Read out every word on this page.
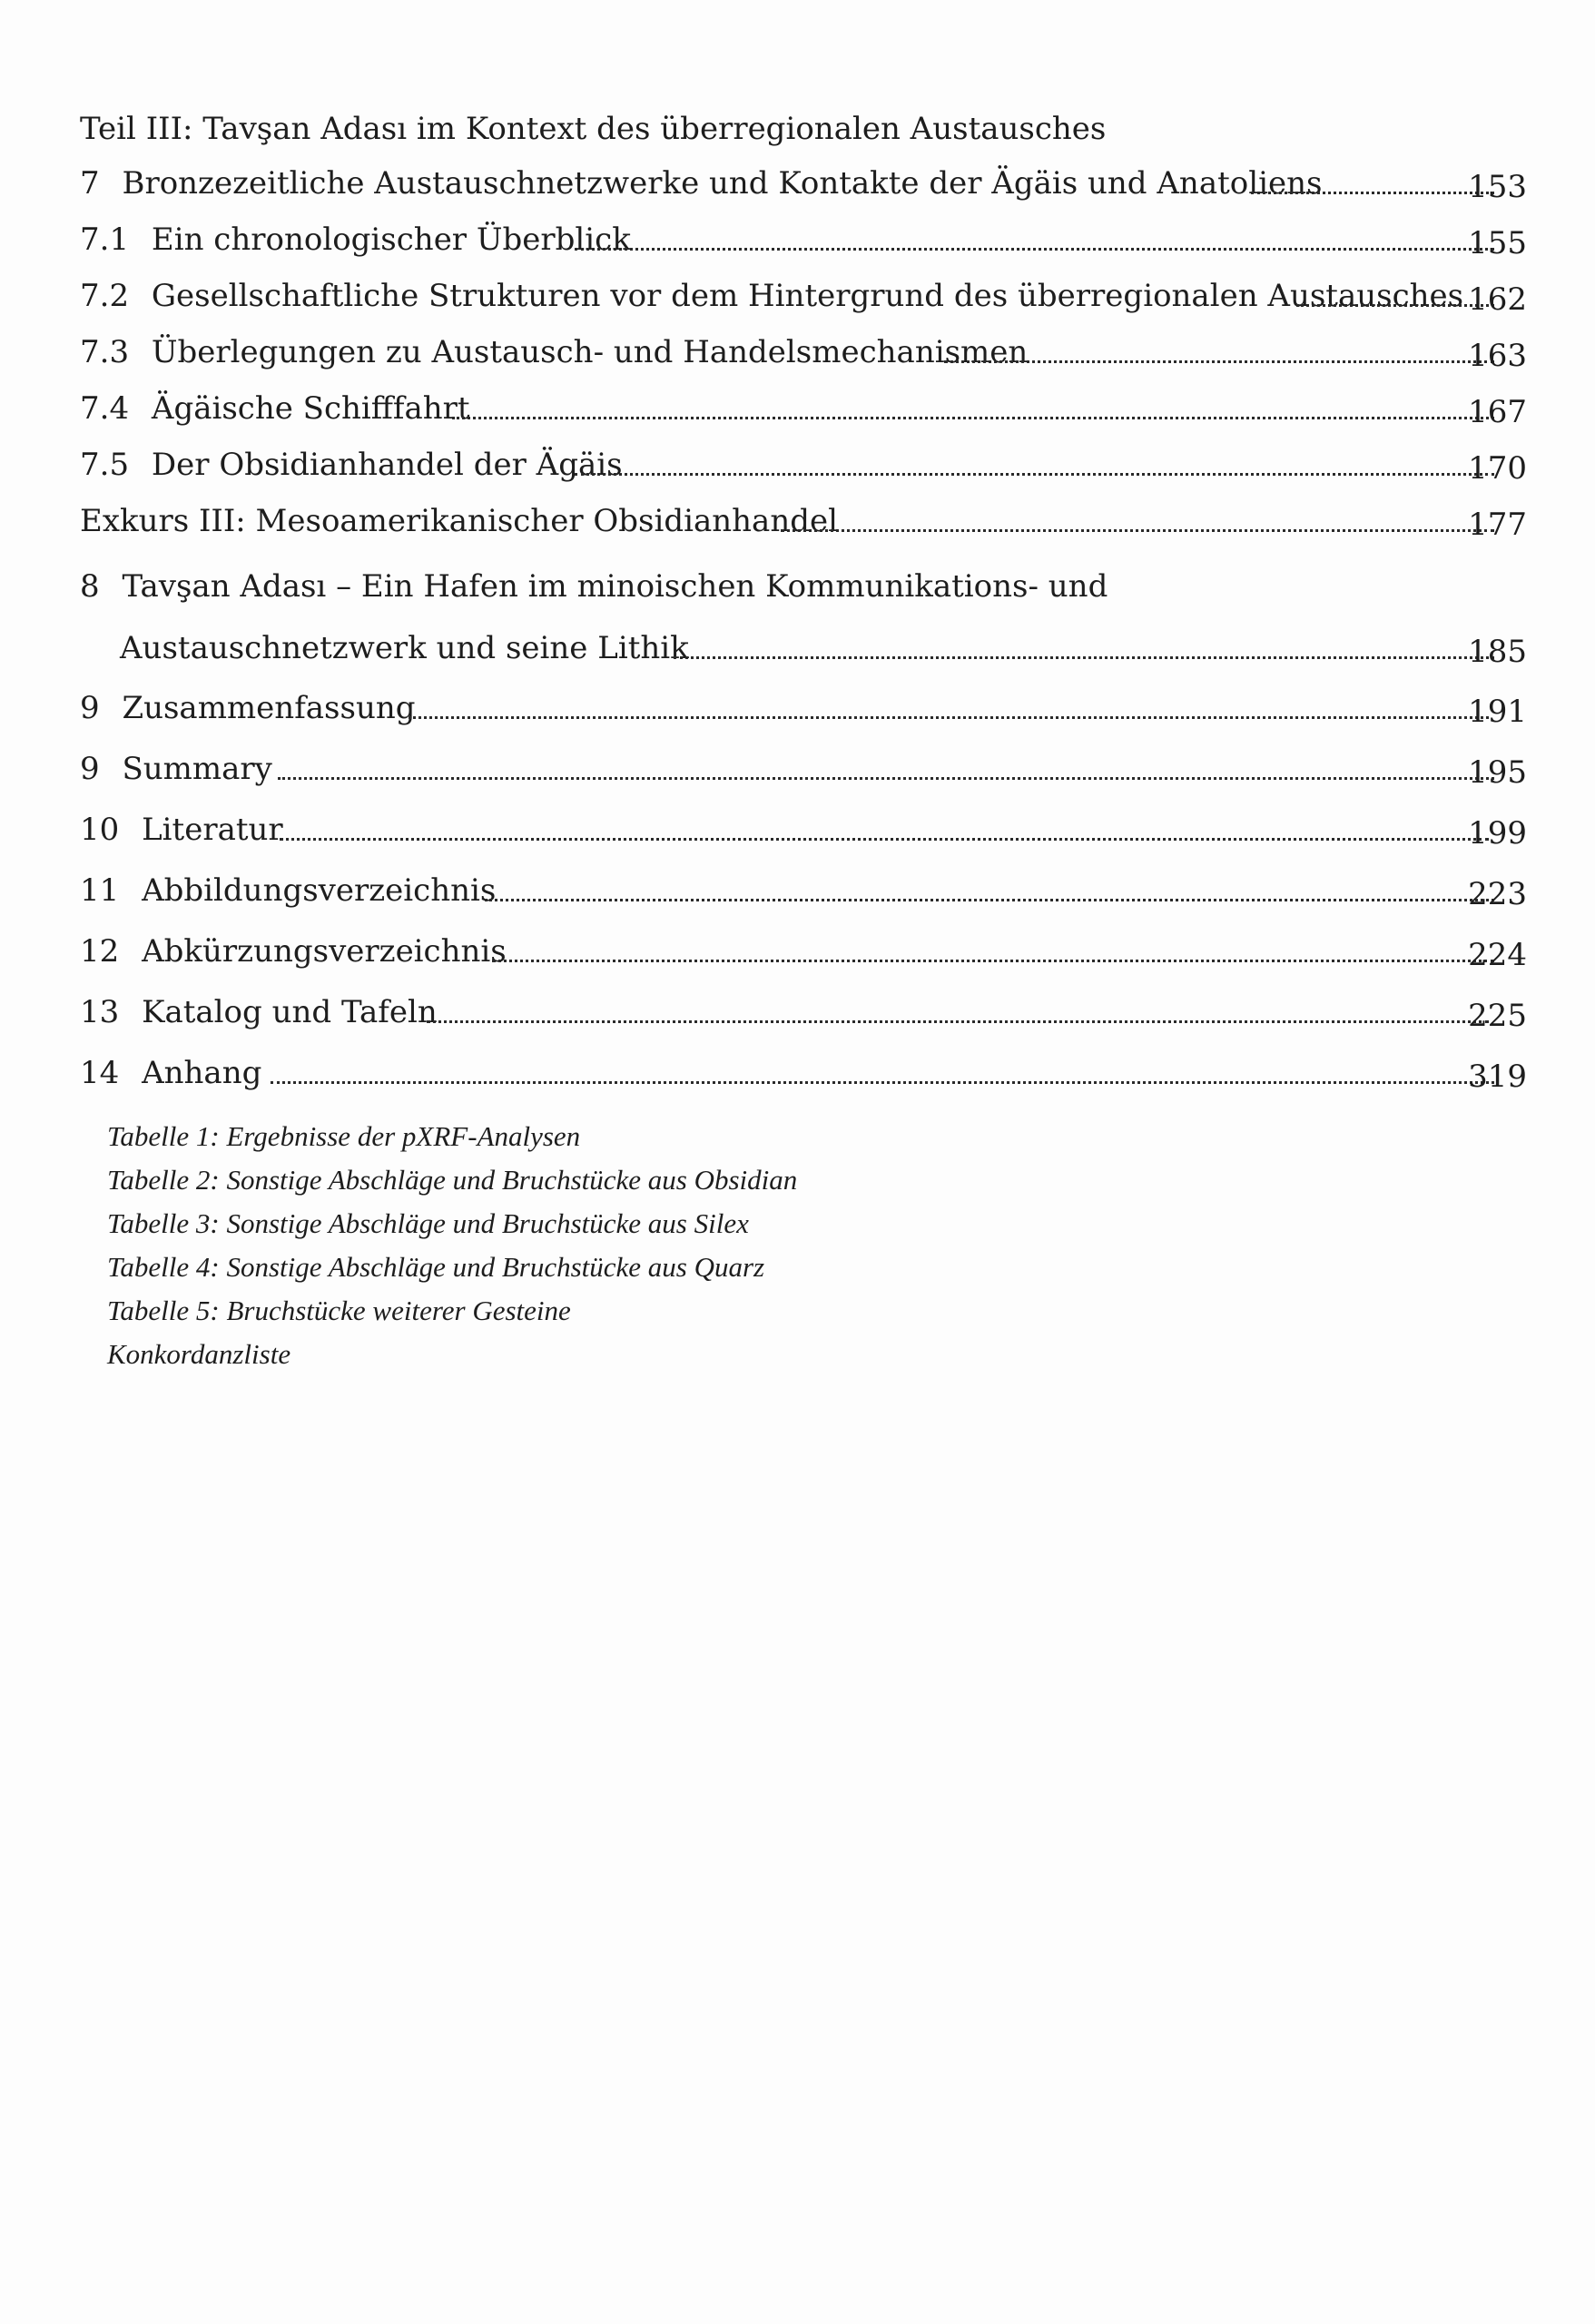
Teil III: Tavşan Adası im Kontext des überregionalen Austausches
7 Bronzezeitliche Austauschnetzwerke und Kontakte der Ägäis und Anatoliens	153
7.1 Ein chronologischer Überblick	155
7.2 Gesellschaftliche Strukturen vor dem Hintergrund des überregionalen Austausches 162
7.3 Überlegungen zu Austausch- und Handelsmechanismen	163
7.4 Ägäische Schifffahrt	167
7.5 Der Obsidianhandel der Ägäis	170
Exkurs III: Mesoamerikanischer Obsidianhandel	177
8 Tavşan Adası – Ein Hafen im minoischen Kommunikations- und
Austauschnetzwerk und seine Lithik	185
9 Zusammenfassung	191
9 Summary	195
10 Literatur	199
11 Abbildungsverzeichnis	223
12 Abkürzungsverzeichnis	224
13 Katalog und Tafeln	225
14 Anhang	319
Tabelle 1: Ergebnisse der pXRF-Analysen
Tabelle 2: Sonstige Abschläge und Bruchstücke aus Obsidian
Tabelle 3: Sonstige Abschläge und Bruchstücke aus Silex
Tabelle 4: Sonstige Abschläge und Bruchstücke aus Quarz
Tabelle 5: Bruchstücke weiterer Gesteine
Konkordanzliste
